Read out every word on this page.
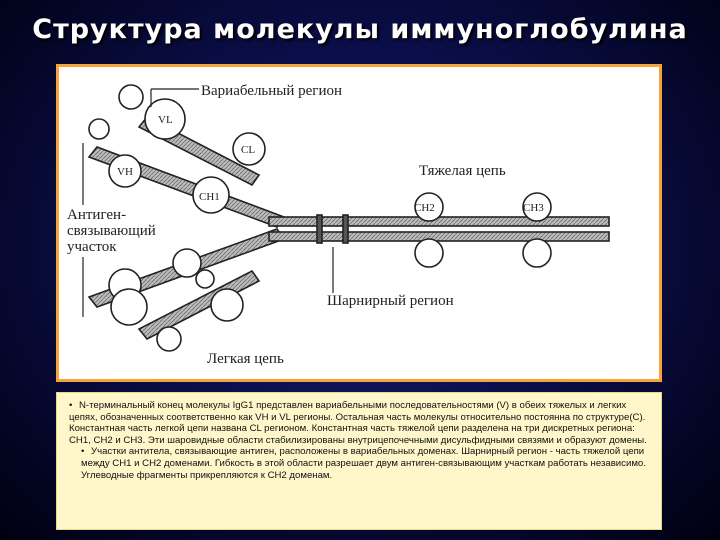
Структура молекулы иммуноглобулина
VL
VH
CL
CH1
CH2	CH3
Вариабельный регион
Тяжелая цепь
Антиген-
связывающий
участок
Шарнирный регион
Легкая цепь

• N-терминальный конец молекулы IgG1 представлен вариабельными последовательностями (V) в обеих тяжелых и легких цепях, обозначенных соответственно как VH и VL регионы. Остальная часть молекулы относительно постоянна по структуре(С). Константная часть легкой цепи названа CL регионом. Константная часть тяжелой цепи разделена на три дискретных региона: CH1, CH2 и CH3. Эти шаровидные области стабилизированы внутрицепочечными дисульфидными связями и образуют домены.

• Участки антитела, связывающие антиген, расположены в вариабельных доменах. Шарнирный регион - часть тяжелой цепи между CH1 и CH2 доменами. Гибкость в этой области разрешает двум антиген-связывающим участкам работать независимо. Углеводные фрагменты прикрепляются к CH2 доменам.
